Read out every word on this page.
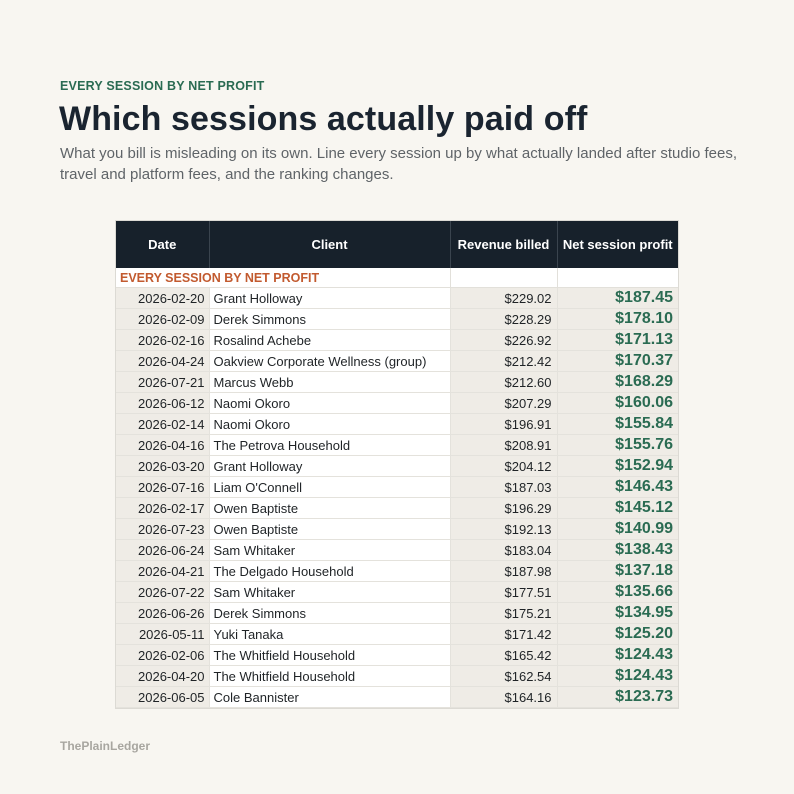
EVERY SESSION BY NET PROFIT
Which sessions actually paid off

What you bill is misleading on its own. Line every session up by what actually landed after studio fees, travel and platform fees, and the ranking changes.

EVERY SESSION BY NET PROFIT			
Date	Client	Revenue billed	Net session profit
2026-02-20	Grant Holloway	$229.02	$187.45
2026-02-09	Derek Simmons	$228.29	$178.10
2026-02-16	Rosalind Achebe	$226.92	$171.13
2026-04-24	Oakview Corporate Wellness (group)	$212.42	$170.37
2026-07-21	Marcus Webb	$212.60	$168.29
2026-06-12	Naomi Okoro	$207.29	$160.06
2026-02-14	Naomi Okoro	$196.91	$155.84
2026-04-16	The Petrova Household	$208.91	$155.76
2026-03-20	Grant Holloway	$204.12	$152.94
2026-07-16	Liam O'Connell	$187.03	$146.43
2026-02-17	Owen Baptiste	$196.29	$145.12
2026-07-23	Owen Baptiste	$192.13	$140.99
2026-06-24	Sam Whitaker	$183.04	$138.43
2026-04-21	The Delgado Household	$187.98	$137.18
2026-07-22	Sam Whitaker	$177.51	$135.66
2026-06-26	Derek Simmons	$175.21	$134.95
2026-05-11	Yuki Tanaka	$171.42	$125.20
2026-02-06	The Whitfield Household	$165.42	$124.43
2026-04-20	The Whitfield Household	$162.54	$124.43
2026-06-05	Cole Bannister	$164.16	$123.73
ThePlainLedger
